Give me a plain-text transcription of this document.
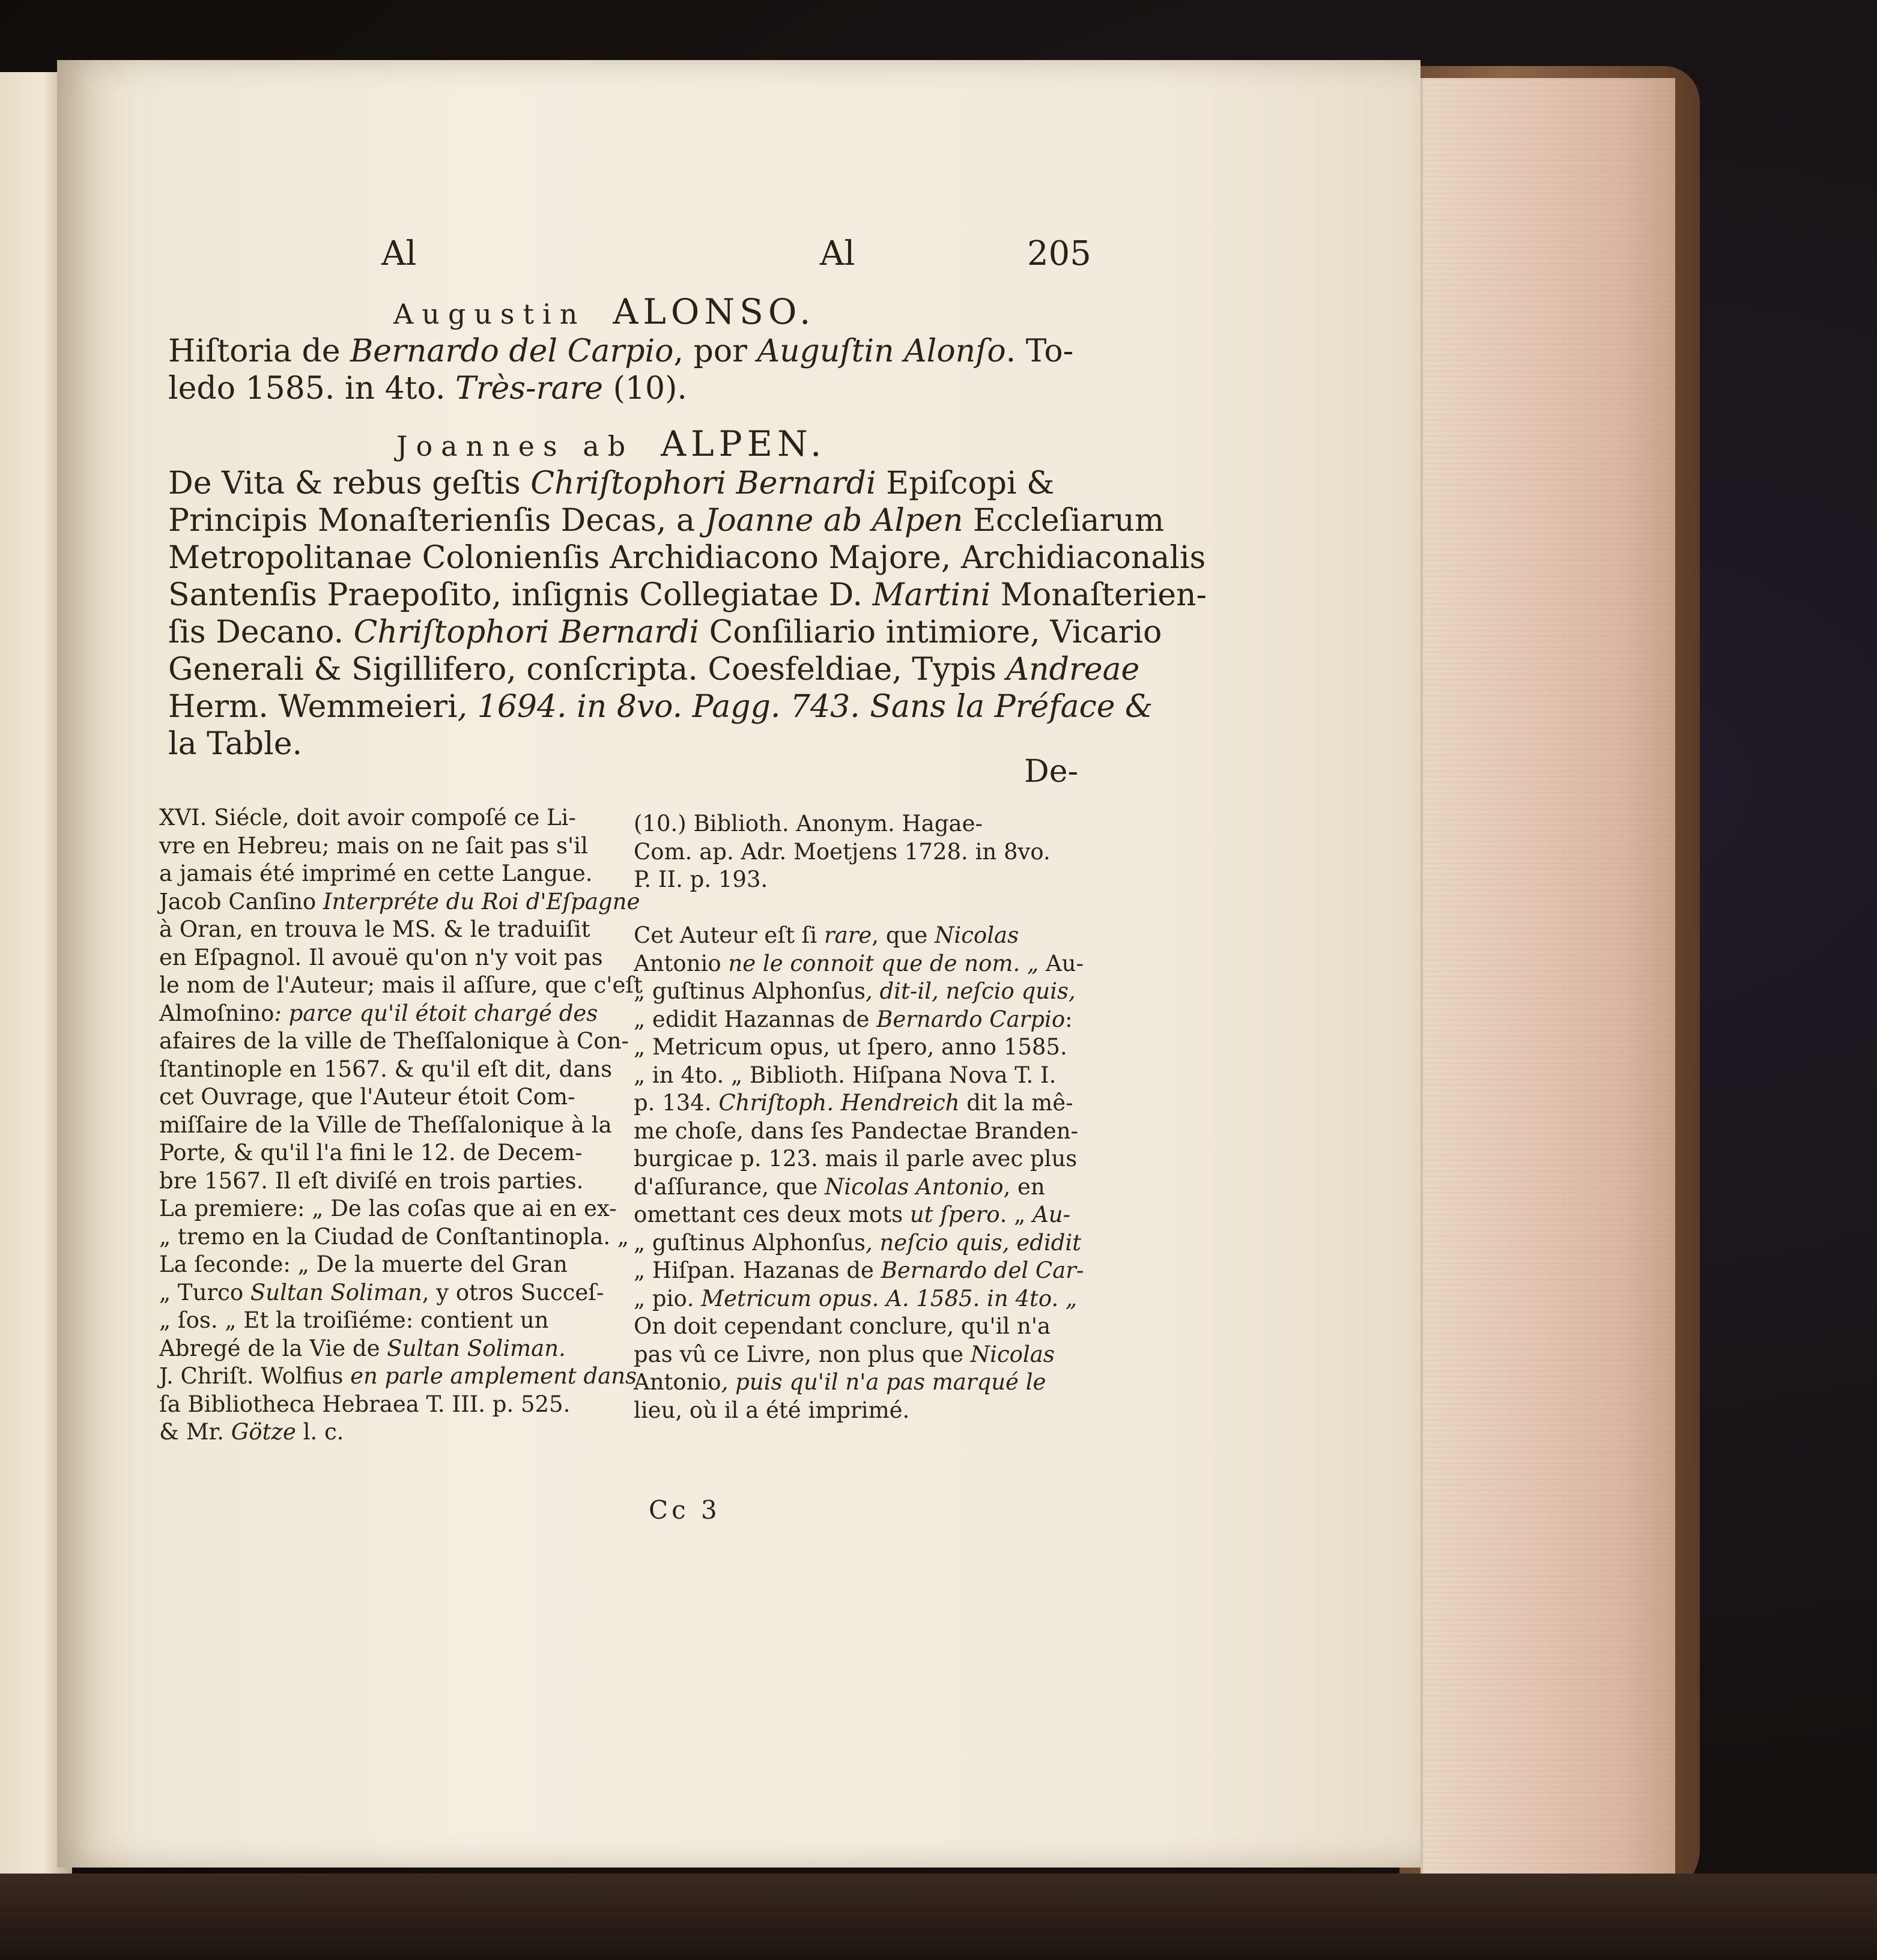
Al	Al	205
Augustin ALONSO.
Hiſtoria de Bernardo del Carpio, por Auguſtin Alonſo. To-
ledo 1585. in 4to. Très-rare (10).
Joannes ab ALPEN.
De Vita & rebus geſtis Chriſtophori Bernardi Epiſcopi &
Principis Monaſterienſis Decas, a Joanne ab Alpen Eccleſiarum
Metropolitanae Colonienſis Archidiacono Majore, Archidiaconalis
Santenſis Praepoſito, inſignis Collegiatae D. Martini Monaſterien-
ſis Decano. Chriſtophori Bernardi Conſiliario intimiore, Vicario
Generali & Sigillifero, conſcripta. Coesfeldiae, Typis Andreae
Herm. Wemmeieri, 1694. in 8vo. Pagg. 743. Sans la Préface &
la Table.
De-
XVI. Siécle, doit avoir compoſé ce Li-
vre en Hebreu; mais on ne ſait pas s'il
a jamais été imprimé en cette Langue.
Jacob Canſino Interpréte du Roi d'Eſpagne
à Oran, en trouva le MS. & le traduiſit
en Eſpagnol. Il avouë qu'on n'y voit pas
le nom de l'Auteur; mais il aſſure, que c'eſt
Almoſnino: parce qu'il étoit chargé des
afaires de la ville de Theſſalonique à Con-
ſtantinople en 1567. & qu'il eſt dit, dans
cet Ouvrage, que l'Auteur étoit Com-
miſſaire de la Ville de Theſſalonique à la
Porte, & qu'il l'a fini le 12. de Decem-
bre 1567. Il eſt diviſé en trois parties.
La premiere: „ De las coſas que ai en ex-
„ tremo en la Ciudad de Conſtantinopla. „
La ſeconde: „ De la muerte del Gran
„ Turco Sultan Soliman, y otros Succeſ-
„ ſos. „ Et la troiſiéme: contient un
Abregé de la Vie de Sultan Soliman.
J. Chriſt. Wolfius en parle amplement dans
ſa Bibliotheca Hebraea T. III. p. 525.
& Mr. Götze l. c.
(10.) Biblioth. Anonym. Hagae-
Com. ap. Adr. Moetjens 1728. in 8vo.
P. II. p. 193.
Cet Auteur eſt ſi rare, que Nicolas
Antonio ne le connoit que de nom. „ Au-
„ guſtinus Alphonſus, dit-il, neſcio quis,
„ edidit Hazannas de Bernardo Carpio:
„ Metricum opus, ut ſpero, anno 1585.
„ in 4to. „ Biblioth. Hiſpana Nova T. I.
p. 134. Chriſtoph. Hendreich dit la mê-
me choſe, dans ſes Pandectae Branden-
burgicae p. 123. mais il parle avec plus
d'aſſurance, que Nicolas Antonio, en
omettant ces deux mots ut ſpero. „ Au-
„ guſtinus Alphonſus, neſcio quis, edidit
„ Hiſpan. Hazanas de Bernardo del Car-
„ pio. Metricum opus. A. 1585. in 4to. „
On doit cependant conclure, qu'il n'a
pas vû ce Livre, non plus que Nicolas
Antonio, puis qu'il n'a pas marqué le
lieu, où il a été imprimé.
Cc 3
